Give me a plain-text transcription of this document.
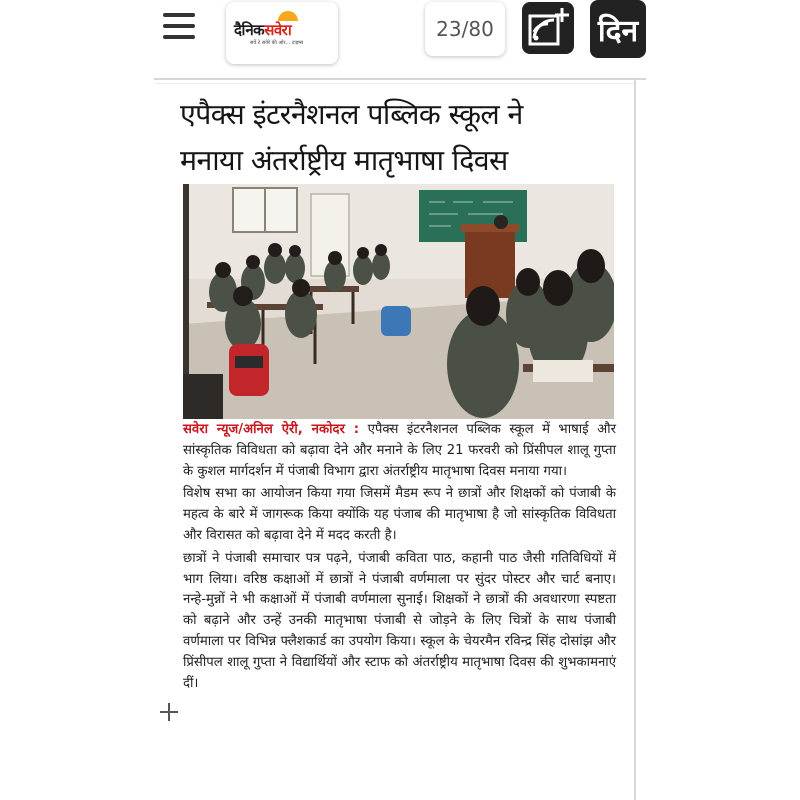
दैनिकसवेरा
सर्वे टे सवेरे की ओर... टाइम्स
23/80	दिन
एपैक्स इंटरनैशनल पब्लिक स्कूल ने
मनाया अंतर्राष्ट्रीय मातृभाषा दिवस

सवेरा न्यूज/अनिल ऐरी, नकोदर : एपैक्स इंटरनैशनल पब्लिक स्कूल में भाषाई और सांस्कृतिक विविधता को बढ़ावा देने और मनाने के लिए 21 फरवरी को प्रिंसीपल शालू गुप्ता के कुशल मार्गदर्शन में पंजाबी विभाग द्वारा अंतर्राष्ट्रीय मातृभाषा दिवस मनाया गया।

विशेष सभा का आयोजन किया गया जिसमें मैडम रूप ने छात्रों और शिक्षकों को पंजाबी के महत्व के बारे में जागरूक किया क्योंकि यह पंजाब की मातृभाषा है जो सांस्कृतिक विविधता और विरासत को बढ़ावा देने में मदद करती है।

छात्रों ने पंजाबी समाचार पत्र पढ़ने, पंजाबी कविता पाठ, कहानी पाठ जैसी गतिविधियों में भाग लिया। वरिष्ठ कक्षाओं में छात्रों ने पंजाबी वर्णमाला पर सुंदर पोस्टर और चार्ट बनाए। नन्हे-मुन्नों ने भी कक्षाओं में पंजाबी वर्णमाला सुनाई। शिक्षकों ने छात्रों की अवधारणा स्पष्टता को बढ़ाने और उन्हें उनकी मातृभाषा पंजाबी से जोड़ने के लिए चित्रों के साथ पंजाबी वर्णमाला पर विभिन्न फ्लैशकार्ड का उपयोग किया। स्कूल के चेयरमैन रविन्द्र सिंह दोसांझ और प्रिंसीपल शालू गुप्ता ने विद्यार्थियों और स्टाफ को अंतर्राष्ट्रीय मातृभाषा दिवस की शुभकामनाएं दीं।
